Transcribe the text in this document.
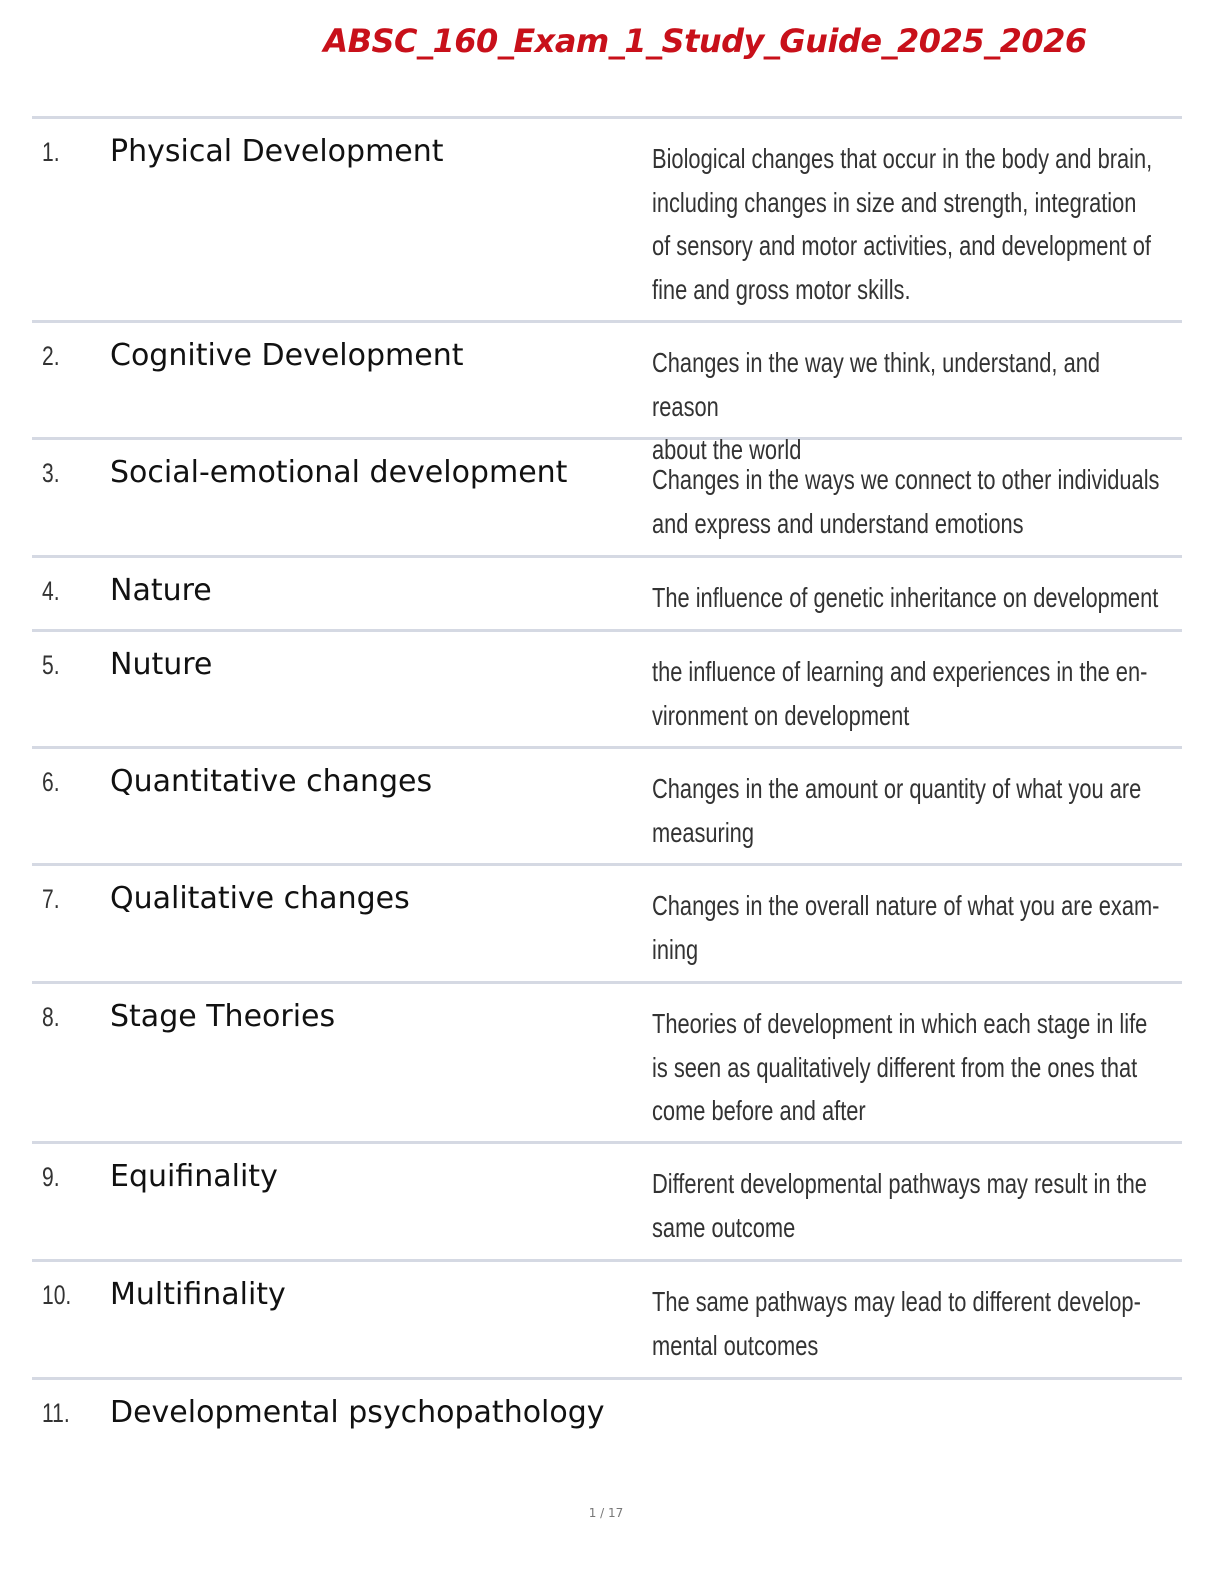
ABSC_160_Exam_1_Study_Guide_2025_2026
1. Physical Development	Biological changes that occur in the body and brain,
including changes in size and strength, integration
of sensory and motor activities, and development of
fine and gross motor skills.
2. Cognitive Development	Changes in the way we think, understand, and reason
about the world
3. Social-emotional development	Changes in the ways we connect to other individuals
and express and understand emotions
4. Nature	The influence of genetic inheritance on development
5. Nuture	the influence of learning and experiences in the en-
vironment on development
6. Quantitative changes	Changes in the amount or quantity of what you are
measuring
7. Qualitative changes	Changes in the overall nature of what you are exam-
ining
8. Stage Theories	Theories of development in which each stage in life
is seen as qualitatively different from the ones that
come before and after
9. Equifinality	Different developmental pathways may result in the
same outcome
10. Multifinality	The same pathways may lead to different develop-
mental outcomes
11. Developmental psychopathology
1 / 17
